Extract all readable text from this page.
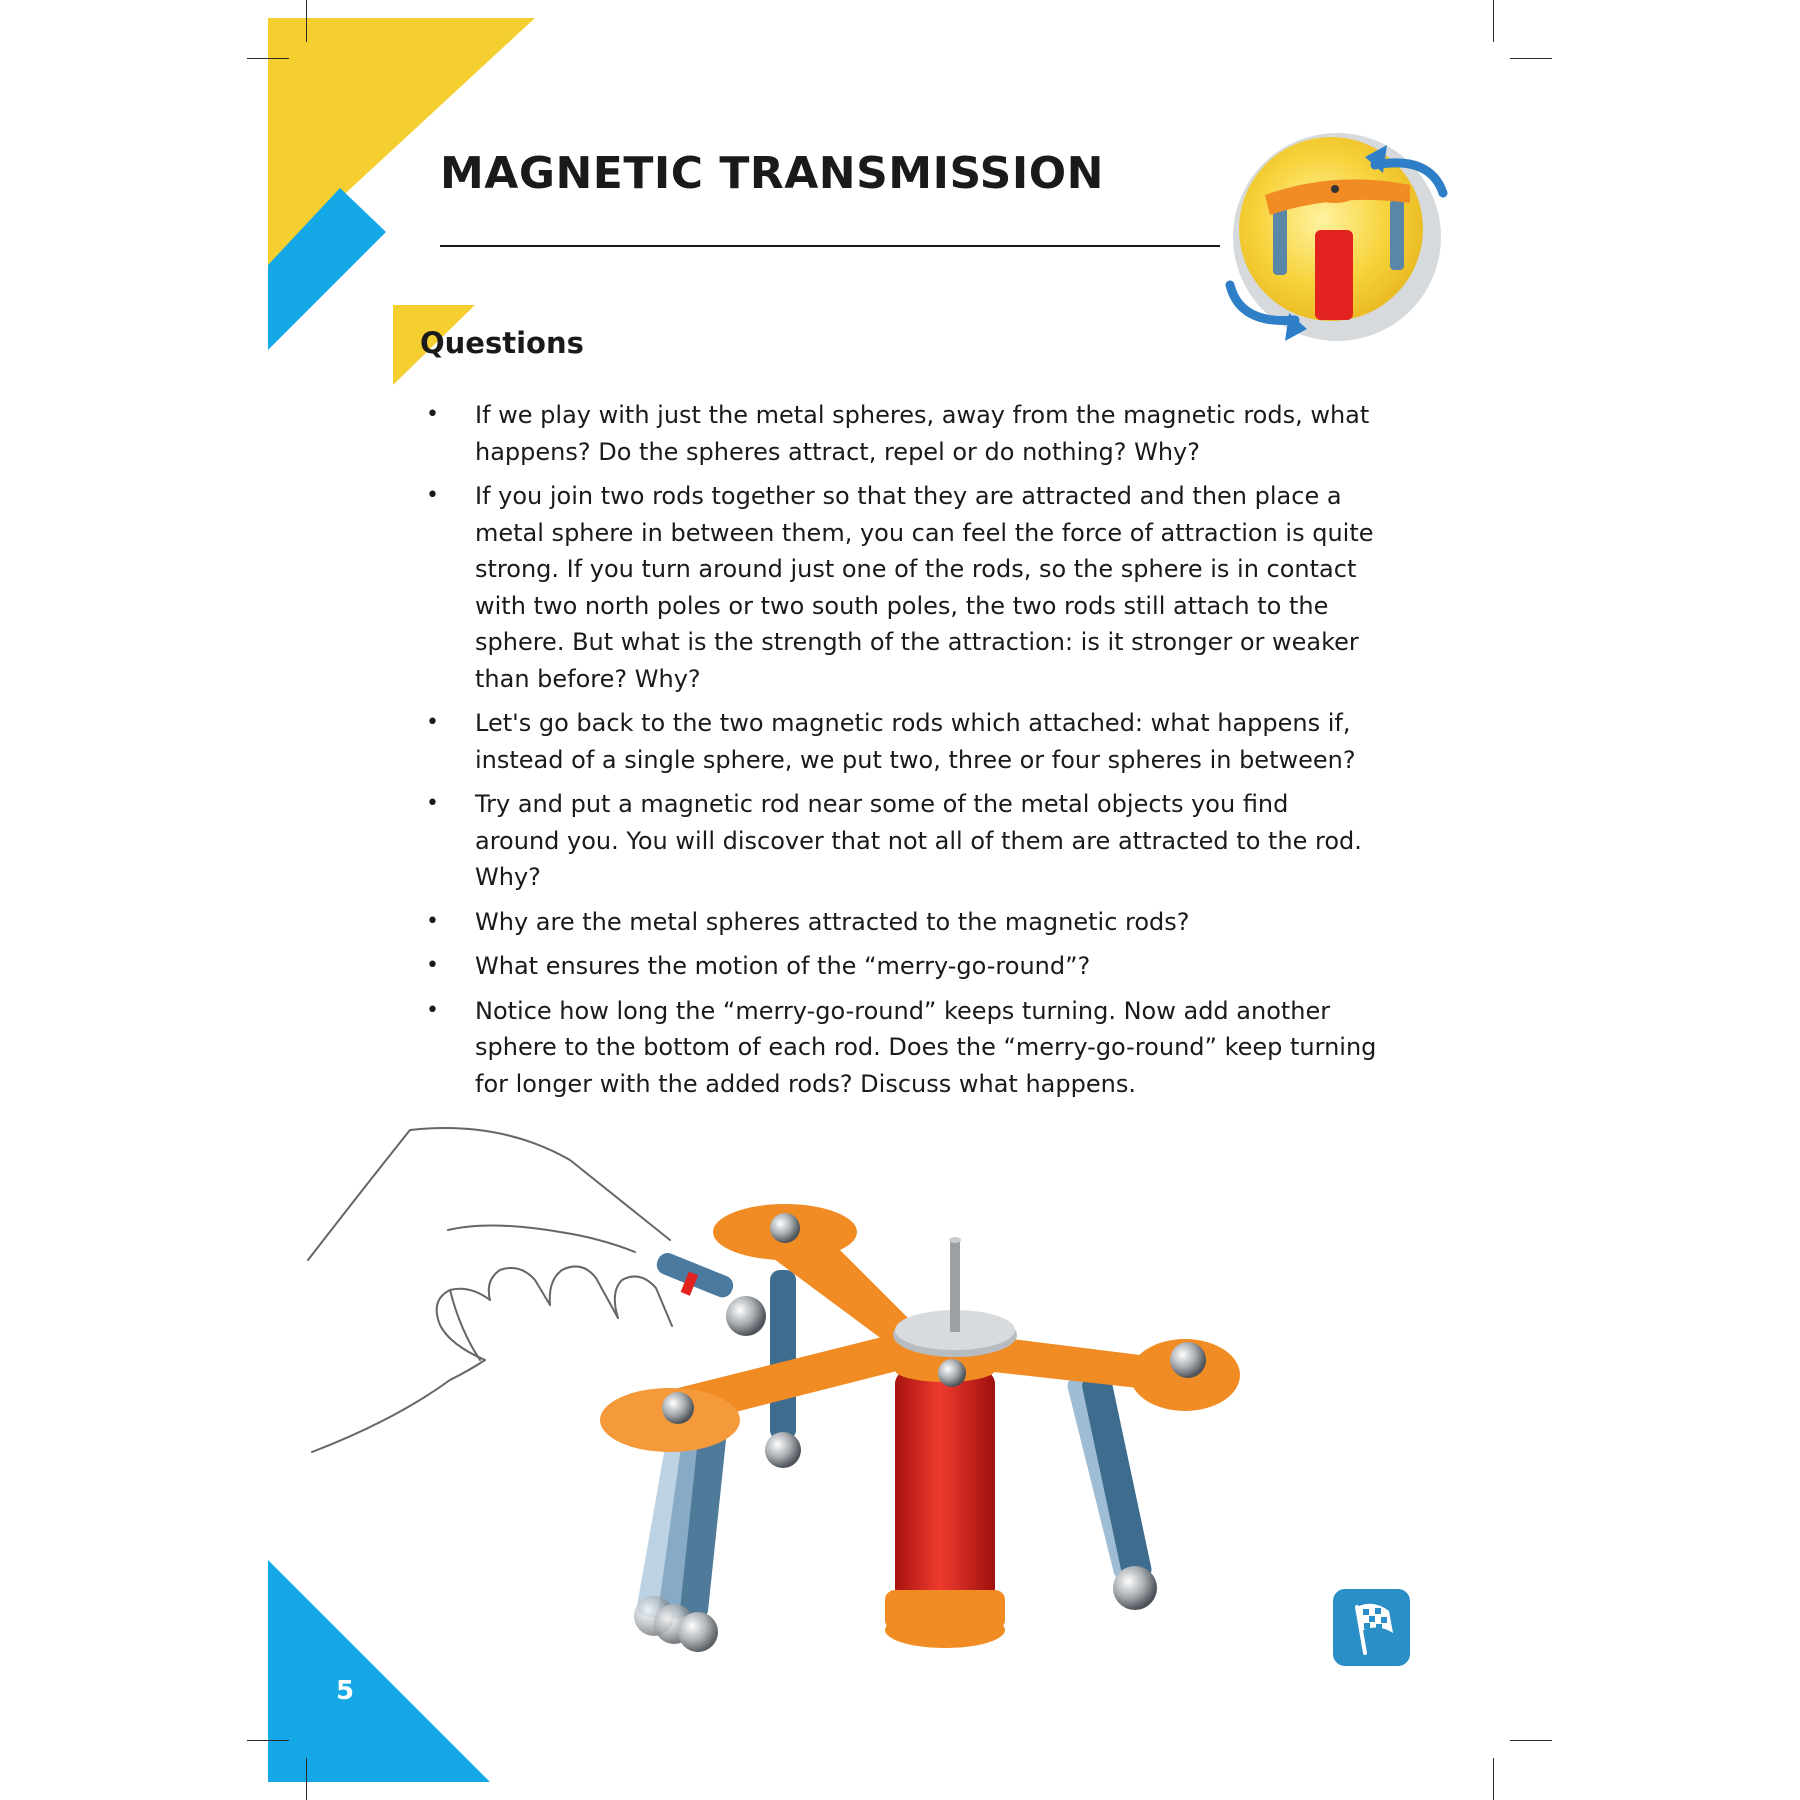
MAGNETIC TRANSMISSION
Questions
• If we play with just the metal spheres, away from the magnetic rods, what happens? Do the spheres attract, repel or do nothing? Why?
• If you join two rods together so that they are attracted and then place a metal sphere in between them, you can feel the force of attraction is quite strong. If you turn around just one of the rods, so the sphere is in contact with two north poles or two south poles, the two rods still attach to the sphere. But what is the strength of the attraction: is it stronger or weaker than before? Why?
• Let's go back to the two magnetic rods which attached: what happens if, instead of a single sphere, we put two, three or four spheres in between?
• Try and put a magnetic rod near some of the metal objects you find around you. You will discover that not all of them are attracted to the rod. Why?
• Why are the metal spheres attracted to the magnetic rods?
• What ensures the motion of the “merry-go-round”?
• Notice how long the “merry-go-round” keeps turning. Now add another sphere to the bottom of each rod. Does the “merry-go-round” keep turning for longer with the added rods? Discuss what happens.
5
